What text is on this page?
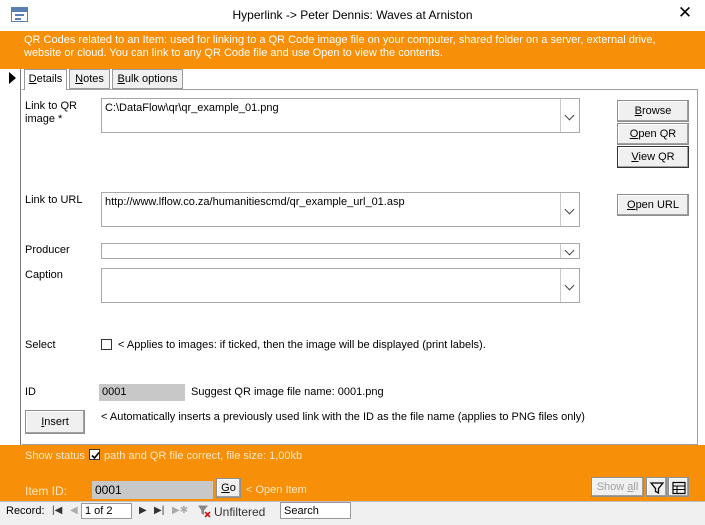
Hyperlink -> Peter Dennis: Waves at Arniston	✕
QR Codes related to an Item: used for linking to a QR Code image file on your computer, shared folder on a server, external drive, website or cloud. You can link to any QR Code file and use Open to view the contents.
Details	Notes	Bulk options
Link to QR image *
C:\DataFlow\qr\qr_example_01.png	Browse
Open QR
View QR
Link to URL	http://www.lflow.co.za/humanitiescmd/qr_example_url_01.asp	Open URL
Producer
Caption
Select	< Applies to images: if ticked, then the image will be displayed (print labels).
ID	0001	Suggest QR image file name: 0001.png
Insert	< Automatically inserts a previously used link with the ID as the file name (applies to PNG files only)
Show status path and QR file correct, file size: 1,00kb
Item ID: 0001	Go < Open Item	Show all
Record: |◀ ◀ 1 of 2	▶ ▶| ▶✱ Unfiltered	Search
